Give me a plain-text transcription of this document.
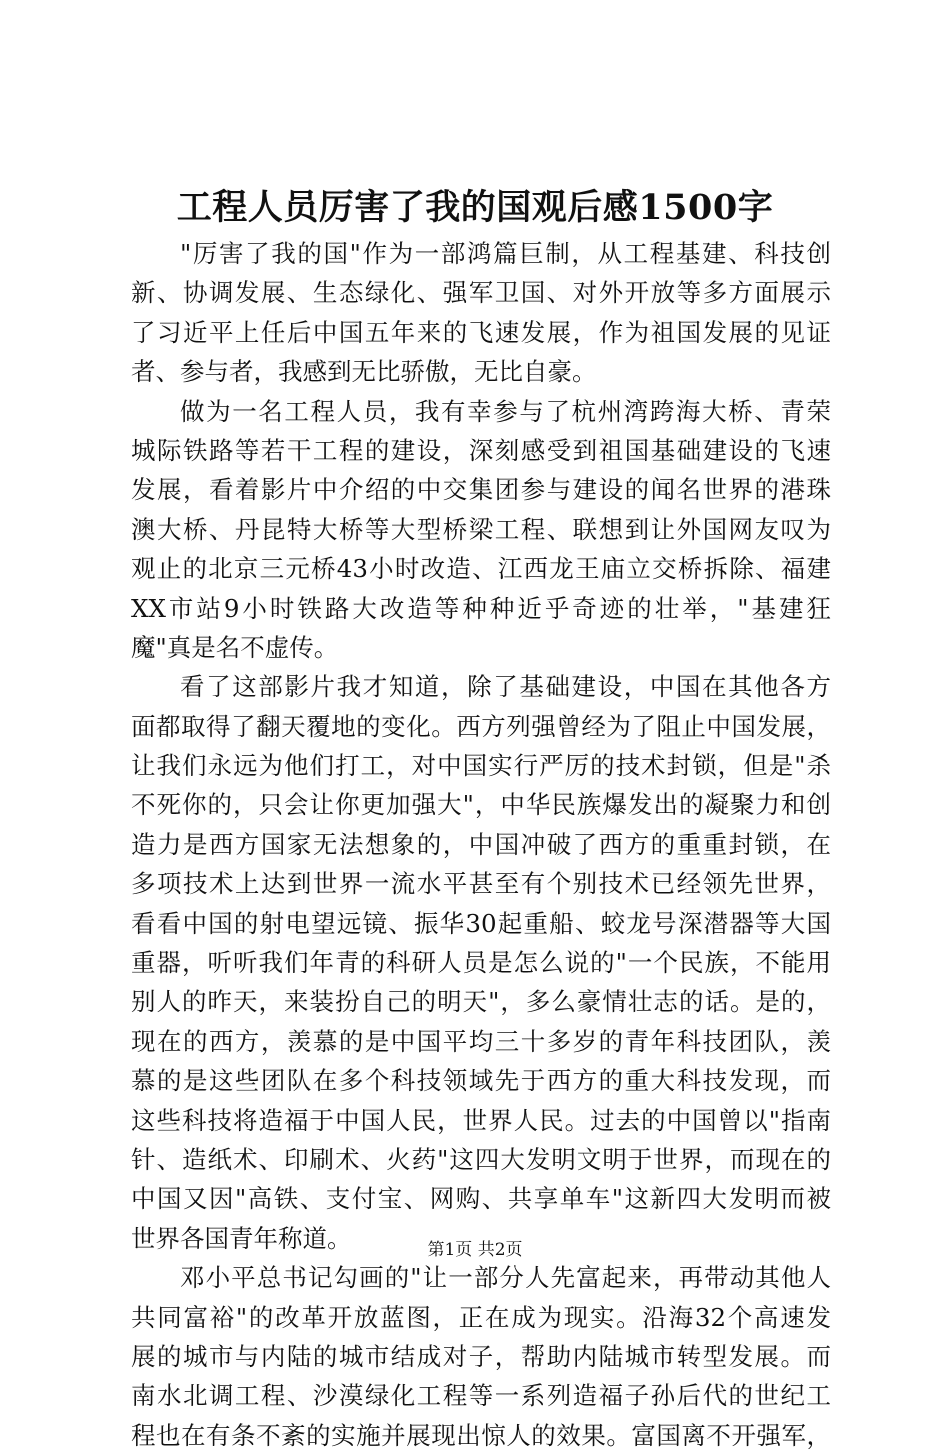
工程人员厉害了我的国观后感1500字
"厉害了我的国"作为一部鸿篇巨制，从工程基建、科技创
新、协调发展、生态绿化、强军卫国、对外开放等多方面展示
了习近平上任后中国五年来的飞速发展，作为祖国发展的见证
者、参与者，我感到无比骄傲，无比自豪。
做为一名工程人员，我有幸参与了杭州湾跨海大桥、青荣
城际铁路等若干工程的建设，深刻感受到祖国基础建设的飞速
发展，看着影片中介绍的中交集团参与建设的闻名世界的港珠
澳大桥、丹昆特大桥等大型桥梁工程、联想到让外国网友叹为
观止的北京三元桥43小时改造、江西龙王庙立交桥拆除、福建
XX市站9小时铁路大改造等种种近乎奇迹的壮举，"基建狂
魔"真是名不虚传。
看了这部影片我才知道，除了基础建设，中国在其他各方
面都取得了翻天覆地的变化。西方列强曾经为了阻止中国发展，
让我们永远为他们打工，对中国实行严厉的技术封锁，但是"杀
不死你的，只会让你更加强大"，中华民族爆发出的凝聚力和创
造力是西方国家无法想象的，中国冲破了西方的重重封锁，在
多项技术上达到世界一流水平甚至有个别技术已经领先世界，
看看中国的射电望远镜、振华30起重船、蛟龙号深潜器等大国
重器，听听我们年青的科研人员是怎么说的"一个民族，不能用
别人的昨天，来装扮自己的明天"，多么豪情壮志的话。是的，
现在的西方，羡慕的是中国平均三十多岁的青年科技团队，羡
慕的是这些团队在多个科技领域先于西方的重大科技发现，而
这些科技将造福于中国人民，世界人民。过去的中国曾以"指南
针、造纸术、印刷术、火药"这四大发明文明于世界，而现在的
中国又因"高铁、支付宝、网购、共享单车"这新四大发明而被
世界各国青年称道。
邓小平总书记勾画的"让一部分人先富起来，再带动其他人
共同富裕"的改革开放蓝图，正在成为现实。沿海32个高速发
展的城市与内陆的城市结成对子，帮助内陆城市转型发展。而
南水北调工程、沙漠绿化工程等一系列造福子孙后代的世纪工
程也在有条不紊的实施并展现出惊人的效果。富国离不开强军，
第1页 共2页
